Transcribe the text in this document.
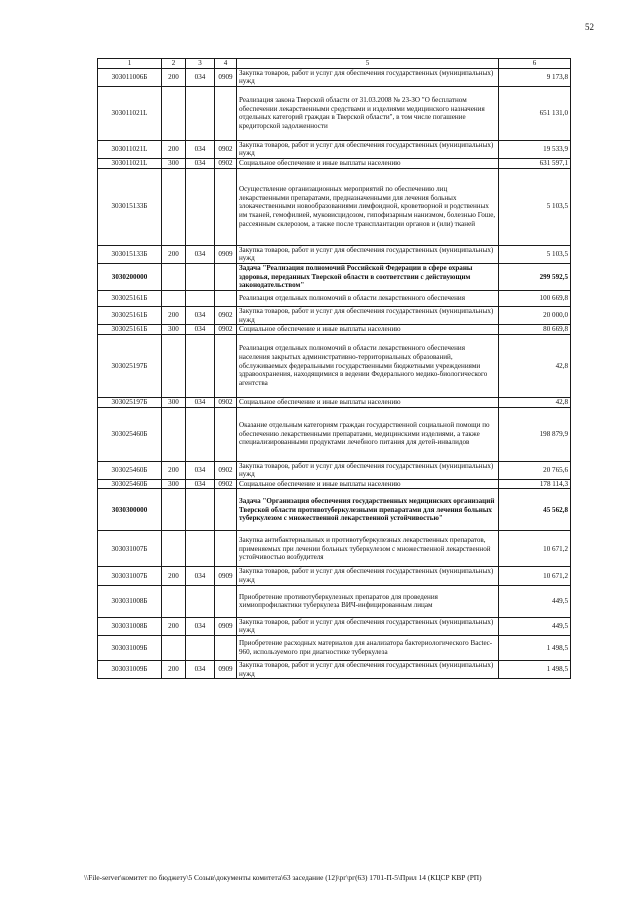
52
1	2	3	4	5	6
303011006Б	200	034	0909	Закупка товаров, работ и услуг для обеспечения государственных (муниципальных) нужд	9 173,8
303011021L				Реализация закона Тверской области от 31.03.2008 № 23-ЗО "О бесплатном обеспечении лекарственными средствами и изделиями медицинского назначения отдельных категорий граждан в Тверской области", в том числе погашение кредиторской задолженности	651 131,0
303011021L	200	034	0902	Закупка товаров, работ и услуг для обеспечения государственных (муниципальных) нужд	19 533,9
303011021L	300	034	0902	Социальное обеспечение и иные выплаты населению	631 597,1
303015133Б				Осуществление организационных мероприятий по обеспечению лиц лекарственными препаратами, предназначенными для лечения больных злокачественными новообразованиями лимфоидной, кроветворной и родственных им тканей, гемофилией, муковисцидозом, гипофизарным нанизмом, болезнью Гоше, рассеянным склерозом, а также после трансплантации органов и (или) тканей	5 103,5
303015133Б	200	034	0909	Закупка товаров, работ и услуг для обеспечения государственных (муниципальных) нужд	5 103,5
3030200000				Задача "Реализация полномочий Российской Федерации в сфере охраны здоровья, переданных Тверской области в соответствии с действующим законодательством"	299 592,5
303025161Б				Реализация отдельных полномочий в области лекарственного обеспечения	100 669,8
303025161Б	200	034	0902	Закупка товаров, работ и услуг для обеспечения государственных (муниципальных) нужд	20 000,0
303025161Б	300	034	0902	Социальное обеспечение и иные выплаты населению	80 669,8
303025197Б				Реализация отдельных полномочий в области лекарственного обеспечения населения закрытых административно-территориальных образований, обслуживаемых федеральными государственными бюджетными учреждениями здравоохранения, находящимися в ведении Федерального медико-биологического агентства	42,8
303025197Б	300	034	0902	Социальное обеспечение и иные выплаты населению	42,8
303025460Б				Оказание отдельным категориям граждан государственной социальной помощи по обеспечению лекарственными препаратами, медицинскими изделиями, а также специализированными продуктами лечебного питания для детей-инвалидов	198 879,9
303025460Б	200	034	0902	Закупка товаров, работ и услуг для обеспечения государственных (муниципальных) нужд	20 765,6
303025460Б	300	034	0902	Социальное обеспечение и иные выплаты населению	178 114,3
3030300000				Задача "Организация обеспечения государственных медицинских организаций Тверской области противотуберкулезными препаратами для лечения больных туберкулезом с множественной лекарственной устойчивостью"	45 562,8
303031007Б				Закупка антибактериальных и противотуберкулезных лекарственных препаратов, применяемых при лечении больных туберкулезом с множественной лекарственной устойчивостью возбудителя	10 671,2
303031007Б	200	034	0909	Закупка товаров, работ и услуг для обеспечения государственных (муниципальных) нужд	10 671,2
303031008Б				Приобретение противотуберкулезных препаратов для проведения химиопрофилактики туберкулеза ВИЧ-инфицированным лицам	449,5
303031008Б	200	034	0909	Закупка товаров, работ и услуг для обеспечения государственных (муниципальных) нужд	449,5
303031009Б				Приобретение расходных материалов для анализатора бактериологического Bactec-960, используемого при диагностике туберкулеза	1 498,5
303031009Б	200	034	0909	Закупка товаров, работ и услуг для обеспечения государственных (муниципальных) нужд	1 498,5
\\File-server\комитет по бюджету\5 Созыв\документы комитета\63 заседание (12)\рг\рг(63) 1701-П-5\Прил 14 (КЦСР КВР (РП)
